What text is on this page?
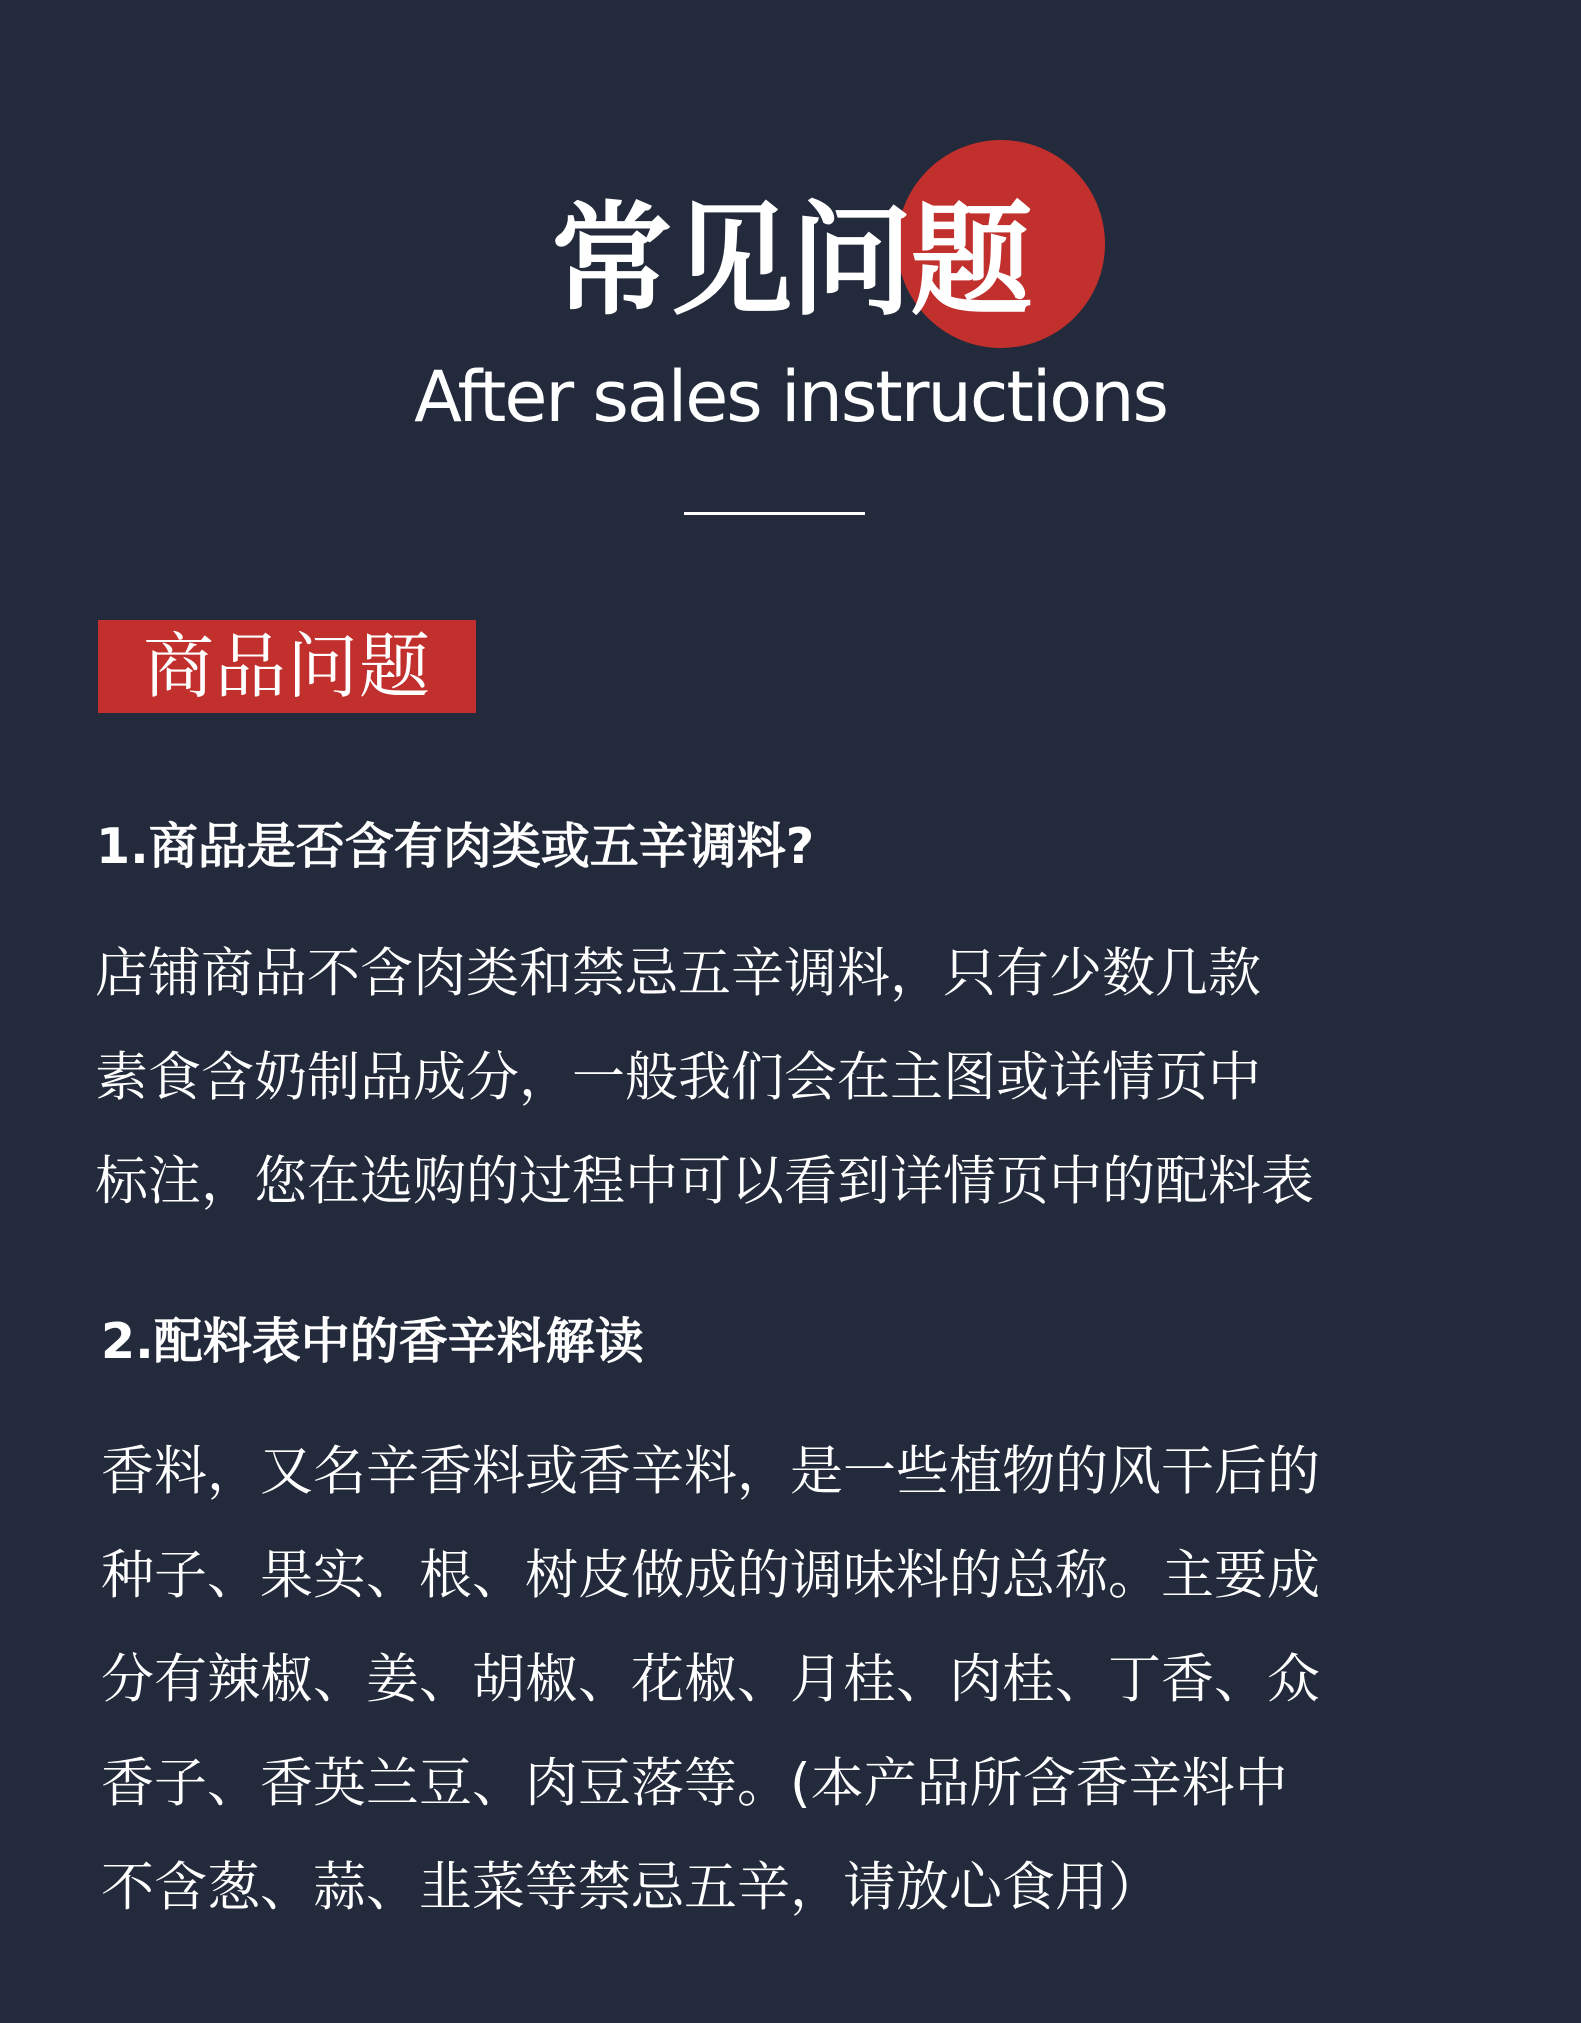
常见问题
After sales instructions
商品问题
1.商品是否含有肉类或五辛调料?
店铺商品不含肉类和禁忌五辛调料，只有少数几款
素食含奶制品成分，一般我们会在主图或详情页中
标注，您在选购的过程中可以看到详情页中的配料表
2.配料表中的香辛料解读
香料，又名辛香料或香辛料，是一些植物的风干后的
种子、果实、根、树皮做成的调味料的总称。主要成
分有辣椒、姜、胡椒、花椒、月桂、肉桂、丁香、众
香子、香英兰豆、肉豆落等。(本产品所含香辛料中
不含葱、蒜、韭菜等禁忌五辛，请放心食用）
